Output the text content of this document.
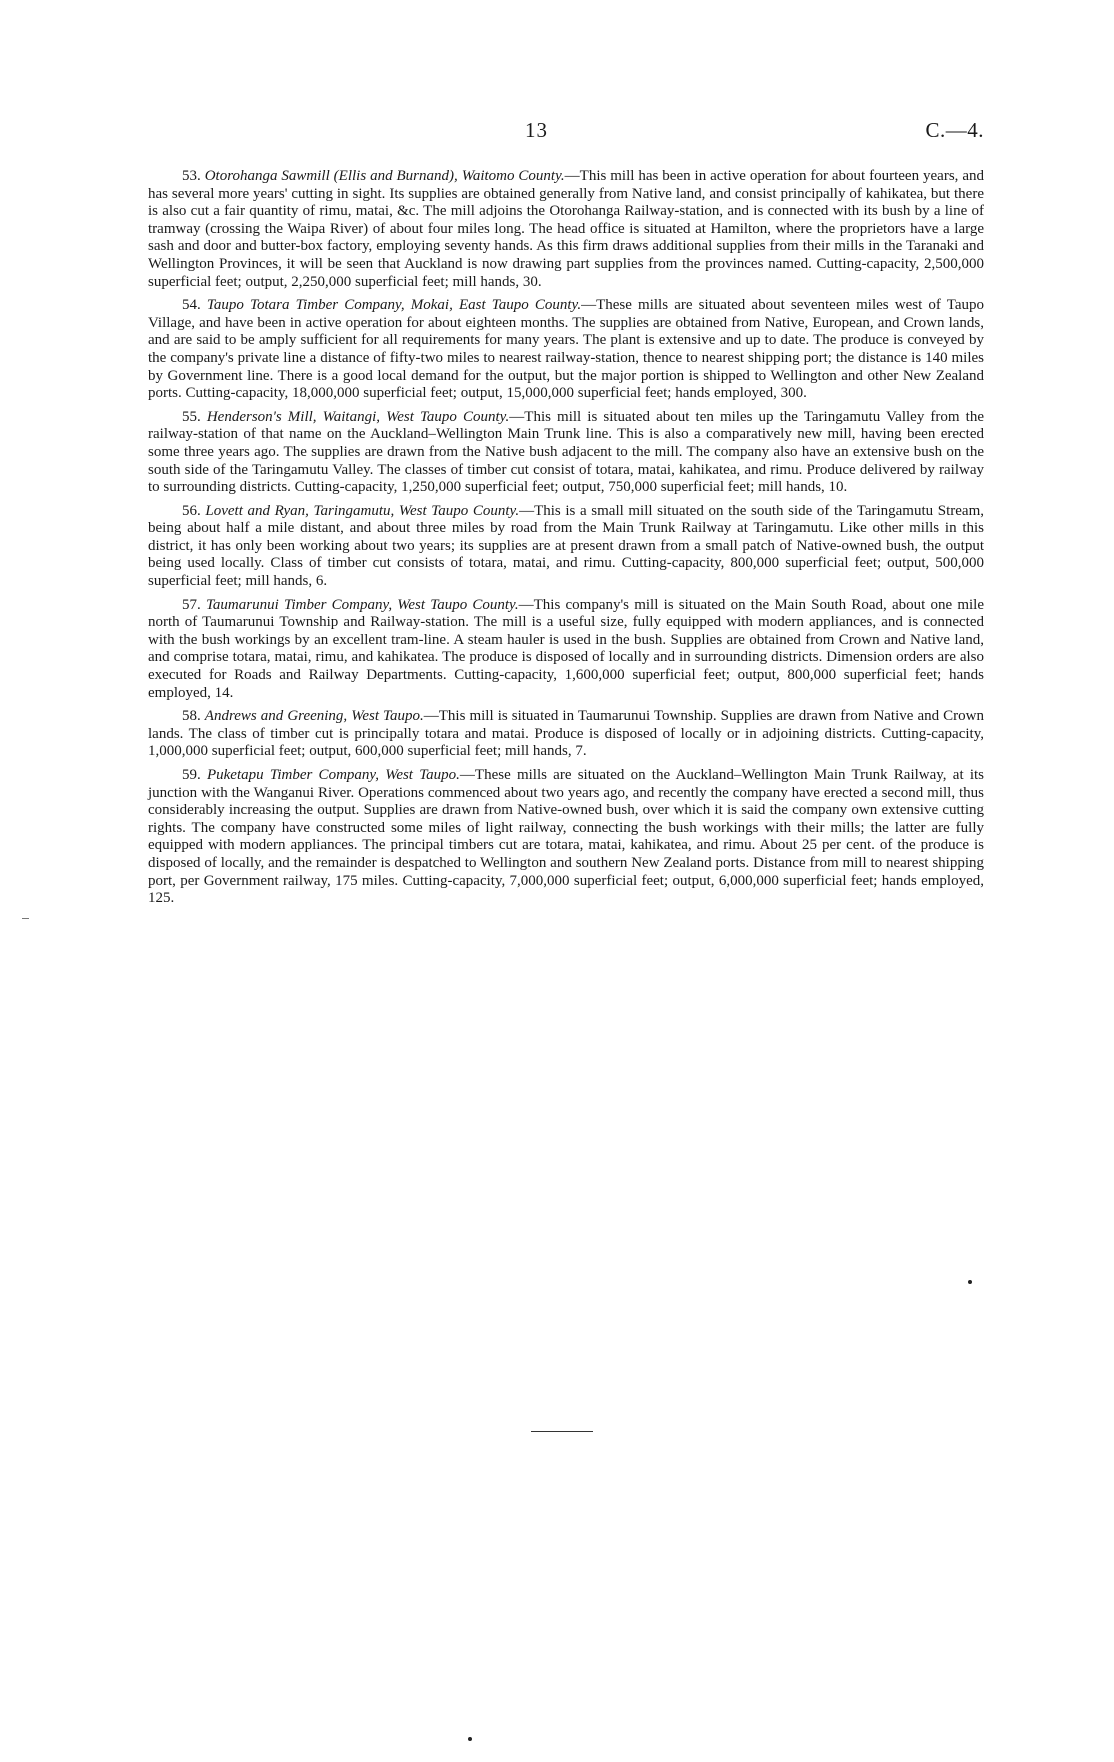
13	C.—4.

53. Otorohanga Sawmill (Ellis and Burnand), Waitomo County.—This mill has been in active operation for about fourteen years, and has several more years' cutting in sight. Its supplies are obtained generally from Native land, and consist principally of kahikatea, but there is also cut a fair quantity of rimu, matai, &c. The mill adjoins the Otorohanga Railway-station, and is connected with its bush by a line of tramway (crossing the Waipa River) of about four miles long. The head office is situated at Hamilton, where the proprietors have a large sash and door and butter-box factory, employing seventy hands. As this firm draws additional supplies from their mills in the Taranaki and Wellington Provinces, it will be seen that Auckland is now drawing part supplies from the provinces named. Cutting-capacity, 2,500,000 superficial feet; output, 2,250,000 superficial feet; mill hands, 30.

54. Taupo Totara Timber Company, Mokai, East Taupo County.—These mills are situated about seventeen miles west of Taupo Village, and have been in active operation for about eighteen months. The supplies are obtained from Native, European, and Crown lands, and are said to be amply sufficient for all requirements for many years. The plant is extensive and up to date. The produce is conveyed by the company's private line a distance of fifty-two miles to nearest railway-station, thence to nearest shipping port; the distance is 140 miles by Government line. There is a good local demand for the output, but the major portion is shipped to Wellington and other New Zealand ports. Cutting-capacity, 18,000,000 superficial feet; output, 15,000,000 superficial feet; hands employed, 300.

55. Henderson's Mill, Waitangi, West Taupo County.—This mill is situated about ten miles up the Taringamutu Valley from the railway-station of that name on the Auckland–Wellington Main Trunk line. This is also a comparatively new mill, having been erected some three years ago. The supplies are drawn from the Native bush adjacent to the mill. The company also have an extensive bush on the south side of the Taringamutu Valley. The classes of timber cut consist of totara, matai, kahikatea, and rimu. Produce delivered by railway to surrounding districts. Cutting-capacity, 1,250,000 superficial feet; output, 750,000 superficial feet; mill hands, 10.

56. Lovett and Ryan, Taringamutu, West Taupo County.—This is a small mill situated on the south side of the Taringamutu Stream, being about half a mile distant, and about three miles by road from the Main Trunk Railway at Taringamutu. Like other mills in this district, it has only been working about two years; its supplies are at present drawn from a small patch of Native-owned bush, the output being used locally. Class of timber cut consists of totara, matai, and rimu. Cutting-capacity, 800,000 superficial feet; output, 500,000 superficial feet; mill hands, 6.

57. Taumarunui Timber Company, West Taupo County.—This company's mill is situated on the Main South Road, about one mile north of Taumarunui Township and Railway-station. The mill is a useful size, fully equipped with modern appliances, and is connected with the bush workings by an excellent tram-line. A steam hauler is used in the bush. Supplies are obtained from Crown and Native land, and comprise totara, matai, rimu, and kahikatea. The produce is disposed of locally and in surrounding districts. Dimension orders are also executed for Roads and Railway Departments. Cutting-capacity, 1,600,000 superficial feet; output, 800,000 superficial feet; hands employed, 14.

58. Andrews and Greening, West Taupo.—This mill is situated in Taumarunui Township. Supplies are drawn from Native and Crown lands. The class of timber cut is principally totara and matai. Produce is disposed of locally or in adjoining districts. Cutting-capacity, 1,000,000 superficial feet; output, 600,000 superficial feet; mill hands, 7.

59. Puketapu Timber Company, West Taupo.—These mills are situated on the Auckland–Wellington Main Trunk Railway, at its junction with the Wanganui River. Operations commenced about two years ago, and recently the company have erected a second mill, thus considerably increasing the output. Supplies are drawn from Native-owned bush, over which it is said the company own extensive cutting rights. The company have constructed some miles of light railway, connecting the bush workings with their mills; the latter are fully equipped with modern appliances. The principal timbers cut are totara, matai, kahikatea, and rimu. About 25 per cent. of the produce is disposed of locally, and the remainder is despatched to Wellington and southern New Zealand ports. Distance from mill to nearest shipping port, per Government railway, 175 miles. Cutting-capacity, 7,000,000 superficial feet; output, 6,000,000 superficial feet; hands employed, 125.
